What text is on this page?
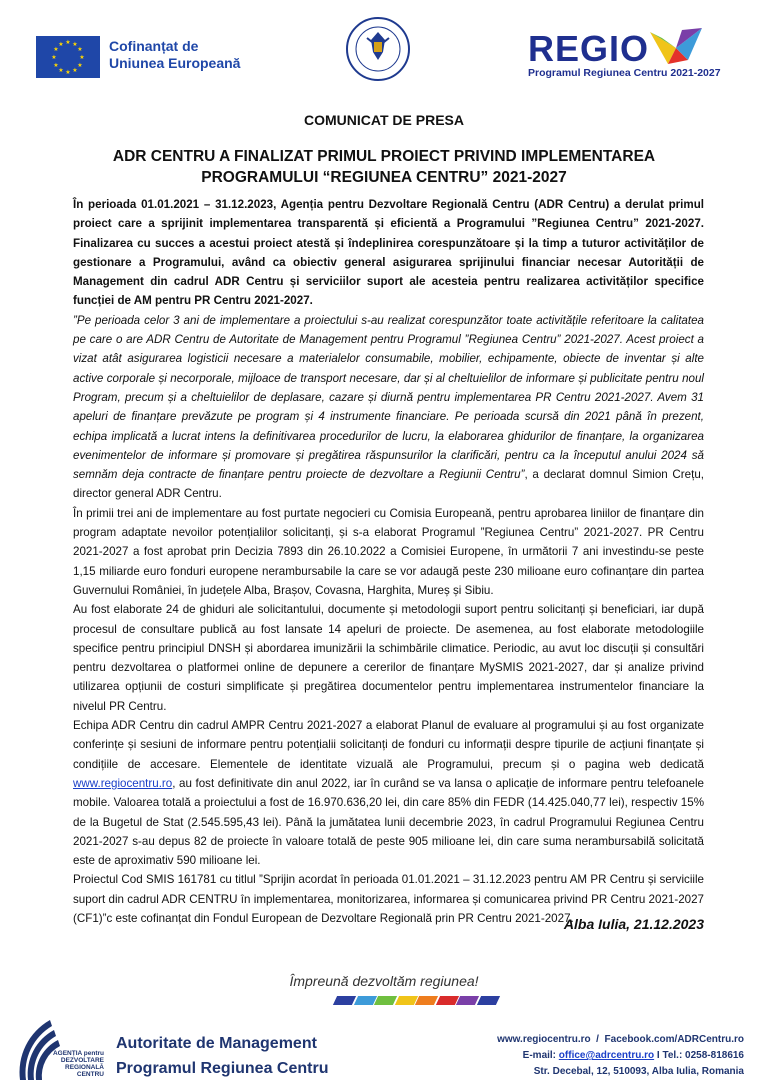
★ ★
★
★
★
★
★
★
★
★
★
★	Cofinanțat de
Uniunea Europeană	REGIO
Programul Regiunea Centru 2021-2027
COMUNICAT DE PRESA
ADR CENTRU A FINALIZAT PRIMUL PROIECT PRIVIND IMPLEMENTAREA
PROGRAMULUI “REGIUNEA CENTRU” 2021-2027

În perioada 01.01.2021 – 31.12.2023, Agenția pentru Dezvoltare Regională Centru (ADR Centru) a derulat primul proiect care a sprijinit implementarea transparentă și eficientă a Programului ”Regiunea Centru” 2021-2027. Finalizarea cu succes a acestui proiect atestă și îndeplinirea corespunzătoare și la timp a tuturor activităților de gestionare a Programului, având ca obiectiv general asigurarea sprijinului financiar necesar Autorității de Management din cadrul ADR Centru și serviciilor suport ale acesteia pentru realizarea activităților specifice funcției de AM pentru PR Centru 2021-2027.

”Pe perioada celor 3 ani de implementare a proiectului s-au realizat corespunzător toate activitățile referitoare la calitatea pe care o are ADR Centru de Autoritate de Management pentru Programul ”Regiunea Centru” 2021-2027. Acest proiect a vizat atât asigurarea logisticii necesare a materialelor consumabile, mobilier, echipamente, obiecte de inventar și alte active corporale și necorporale, mijloace de transport necesare, dar și al cheltuielilor de informare și publicitate pentru noul Program, precum și a cheltuielilor de deplasare, cazare și diurnă pentru implementarea PR Centru 2021-2027. Avem 31 apeluri de finanțare prevăzute pe program și 4 instrumente financiare. Pe perioada scursă din 2021 până în prezent, echipa implicată a lucrat intens la definitivarea procedurilor de lucru, la elaborarea ghidurilor de finanțare, la organizarea evenimentelor de informare și promovare și pregătirea răspunsurilor la clarificări, pentru ca la începutul anului 2024 să semnăm deja contracte de finanțare pentru proiecte de dezvoltare a Regiunii Centru”, a declarat domnul Simion Crețu, director general ADR Centru.

În primii trei ani de implementare au fost purtate negocieri cu Comisia Europeană, pentru aprobarea liniilor de finanțare din program adaptate nevoilor potențialilor solicitanți, și s-a elaborat Programul ”Regiunea Centru” 2021-2027. PR Centru 2021-2027 a fost aprobat prin Decizia 7893 din 26.10.2022 a Comisiei Europene, în următorii 7 ani investindu-se peste 1,15 miliarde euro fonduri europene nerambursabile la care se vor adaugă peste 230 milioane euro cofinanțare din partea Guvernului României, în județele Alba, Brașov, Covasna, Harghita, Mureș și Sibiu.

Au fost elaborate 24 de ghiduri ale solicitantului, documente și metodologii suport pentru solicitanți și beneficiari, iar după procesul de consultare publică au fost lansate 14 apeluri de proiecte. De asemenea, au fost elaborate metodologiile specifice pentru principiul DNSH și abordarea imunizării la schimbările climatice. Periodic, au avut loc discuții și consultări pentru dezvoltarea o platformei online de depunere a cererilor de finanțare MySMIS 2021-2027, dar și analize privind utilizarea opțiunii de costuri simplificate și pregătirea documentelor pentru implementarea instrumentelor financiare la nivelul PR Centru.

Echipa ADR Centru din cadrul AMPR Centru 2021-2027 a elaborat Planul de evaluare al programului și au fost organizate conferințe și sesiuni de informare pentru potențialii solicitanți de fonduri cu informații despre tipurile de acțiuni finanțate și condițiile de accesare. Elementele de identitate vizuală ale Programului, precum și o pagina web dedicată www.regiocentru.ro, au fost definitivate din anul 2022, iar în curând se va lansa o aplicație de informare pentru telefoanele mobile. Valoarea totală a proiectului a fost de 16.970.636,20 lei, din care 85% din FEDR (14.425.040,77 lei), respectiv 15% de la Bugetul de Stat (2.545.595,43 lei). Până la jumătatea lunii decembrie 2023, în cadrul Programului Regiunea Centru 2021-2027 s-au depus 82 de proiecte în valoare totală de peste 905 milioane lei, din care suma nerambursabilă solicitată este de aproximativ 590 milioane lei.

Proiectul Cod SMIS 161781 cu titlul ”Sprijin acordat în perioada 01.01.2021 – 31.12.2023 pentru AM PR Centru și serviciile suport din cadrul ADR CENTRU în implementarea, monitorizarea, informarea și comunicarea privind PR Centru 2021-2027 (CF1)”c este cofinanțat din Fondul European de Dezvoltare Regională prin PR Centru 2021-2027.

Alba Iulia, 21.12.2023
Împreună dezvoltăm regiunea!
AGENȚIA pentru DEZVOLTARE REGIONALĂ CENTRU
Autoritate de Management
Programul Regiunea Centru
www.regiocentru.ro  /  Facebook.com/ADRCentru.ro
E-mail: office@adrcentru.ro I Tel.: 0258-818616
Str. Decebal, 12, 510093, Alba Iulia, Romania
